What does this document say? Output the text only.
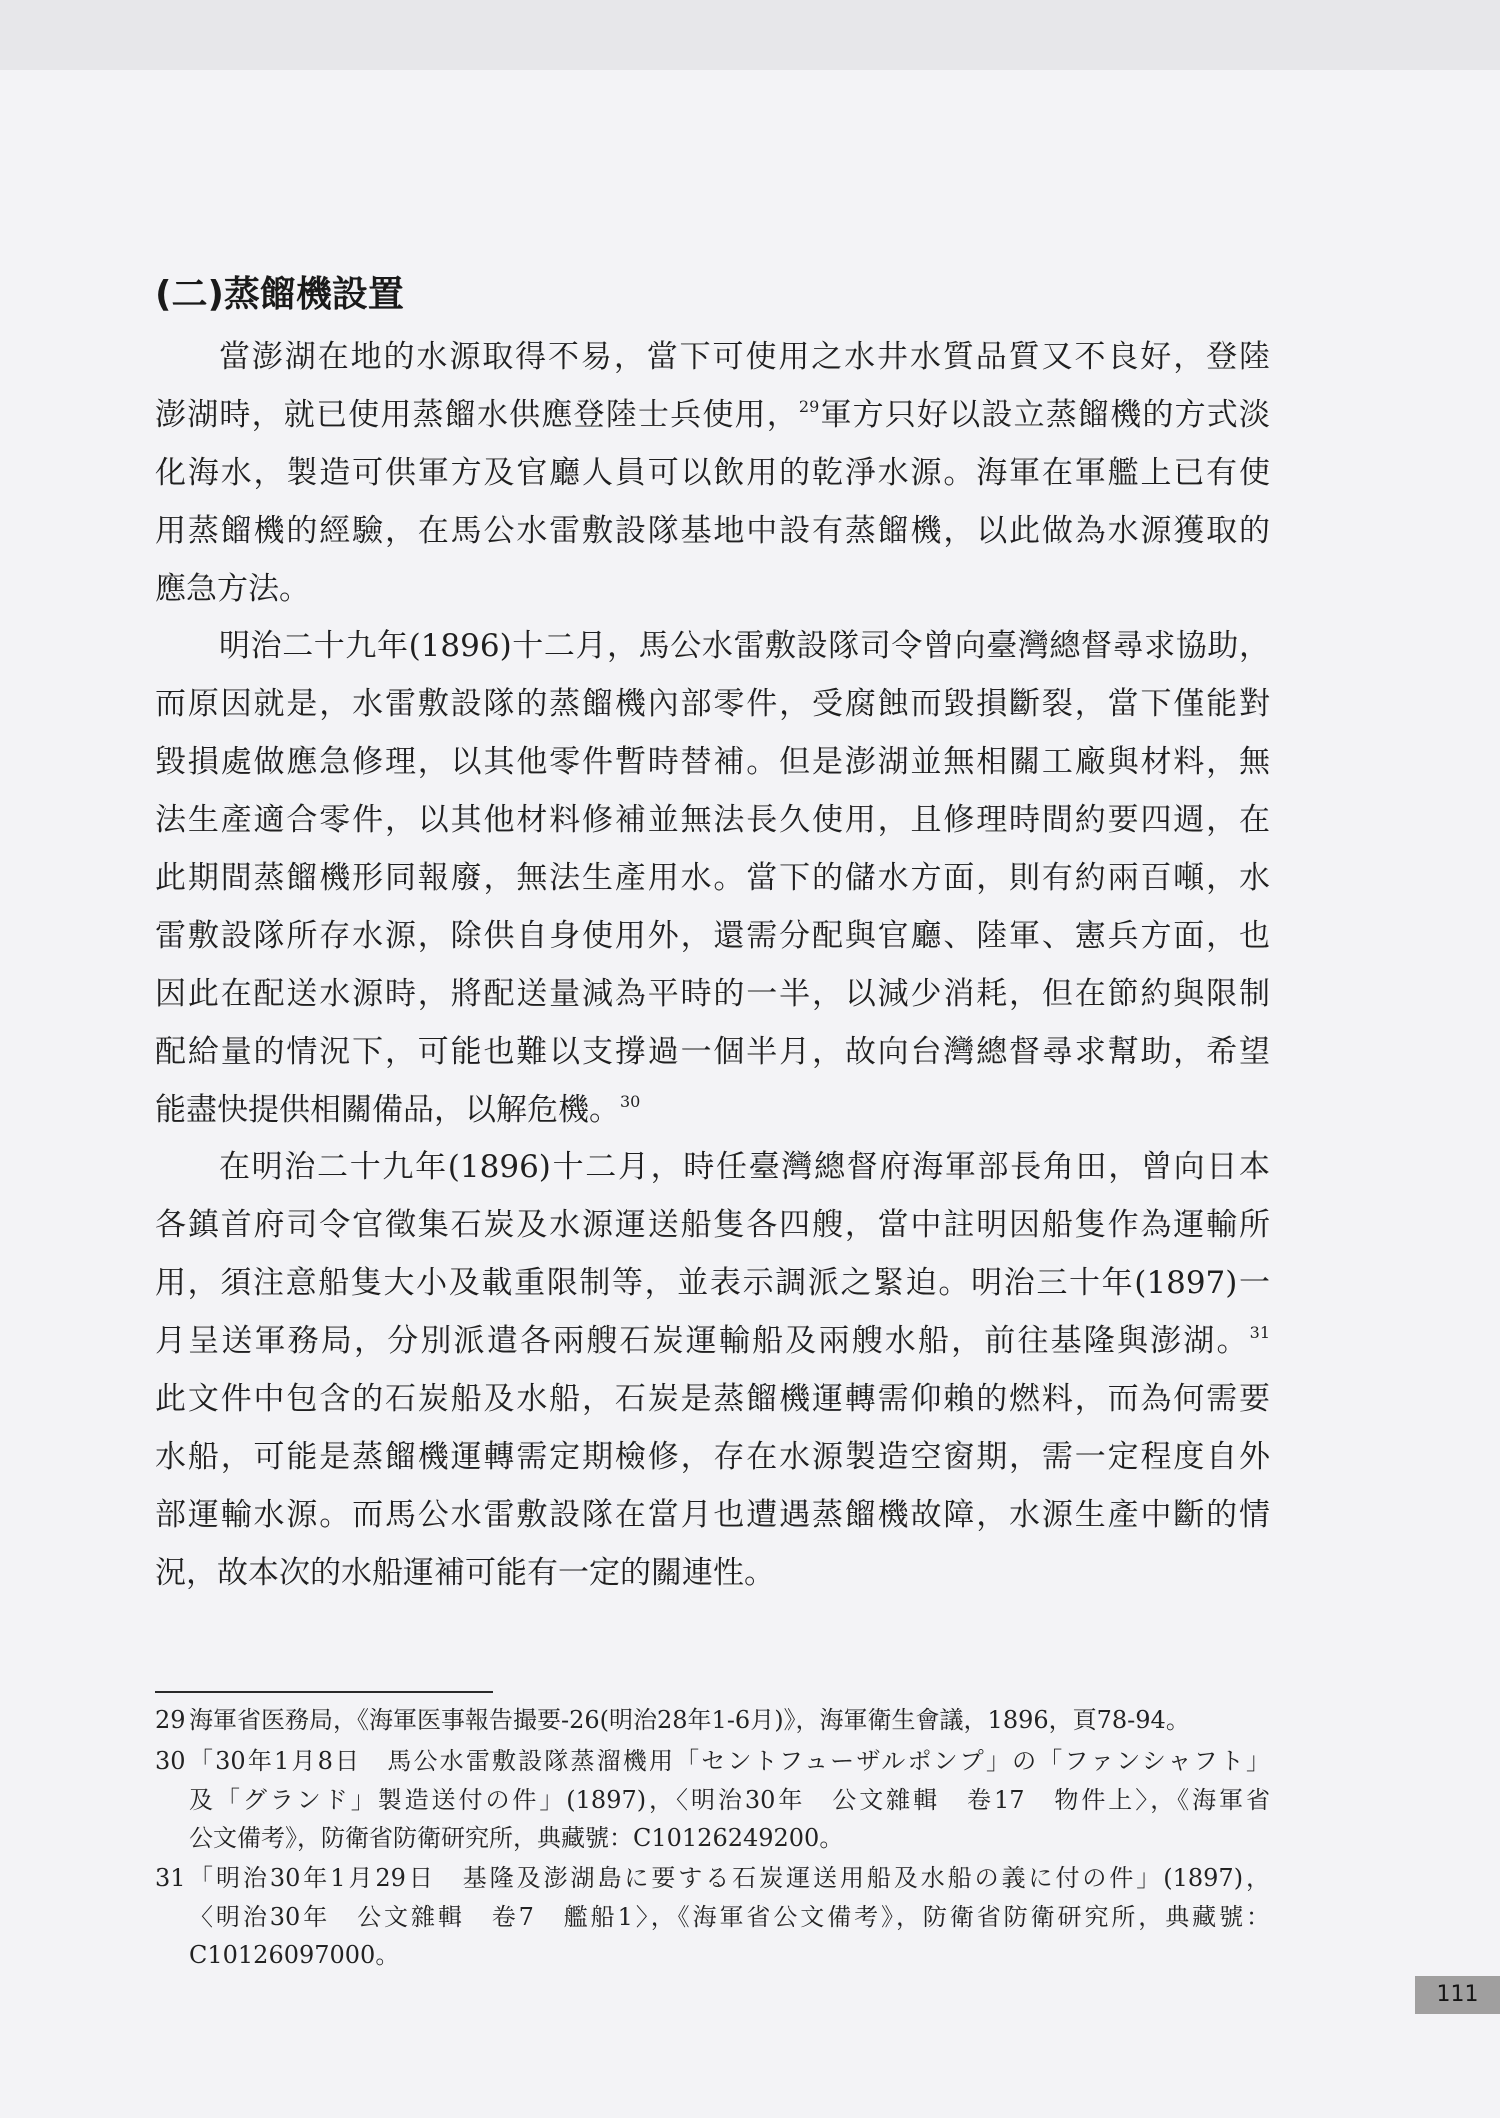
(二)蒸餾機設置
當澎湖在地的水源取得不易，當下可使用之水井水質品質又不良好，登陸
澎湖時，就已使用蒸餾水供應登陸士兵使用，$^{29}$軍方只好以設立蒸餾機的方式淡
化海水，製造可供軍方及官廳人員可以飲用的乾淨水源。海軍在軍艦上已有使
用蒸餾機的經驗，在馬公水雷敷設隊基地中設有蒸餾機，以此做為水源獲取的
應急方法。
明治二十九年(1896)十二月，馬公水雷敷設隊司令曾向臺灣總督尋求協助，
而原因就是，水雷敷設隊的蒸餾機內部零件，受腐蝕而毀損斷裂，當下僅能對
毀損處做應急修理，以其他零件暫時替補。但是澎湖並無相關工廠與材料，無
法生產適合零件，以其他材料修補並無法長久使用，且修理時間約要四週，在
此期間蒸餾機形同報廢，無法生產用水。當下的儲水方面，則有約兩百噸，水
雷敷設隊所存水源，除供自身使用外，還需分配與官廳、陸軍、憲兵方面，也
因此在配送水源時，將配送量減為平時的一半，以減少消耗，但在節約與限制
配給量的情況下，可能也難以支撐過一個半月，故向台灣總督尋求幫助，希望
能盡快提供相關備品，以解危機。$^{30}$
在明治二十九年(1896)十二月，時任臺灣總督府海軍部長角田，曾向日本
各鎮首府司令官徵集石炭及水源運送船隻各四艘，當中註明因船隻作為運輸所
用，須注意船隻大小及載重限制等，並表示調派之緊迫。明治三十年(1897)一
月呈送軍務局，分別派遣各兩艘石炭運輸船及兩艘水船，前往基隆與澎湖。$^{31}$
此文件中包含的石炭船及水船，石炭是蒸餾機運轉需仰賴的燃料，而為何需要
水船，可能是蒸餾機運轉需定期檢修，存在水源製造空窗期，需一定程度自外
部運輸水源。而馬公水雷敷設隊在當月也遭遇蒸餾機故障，水源生產中斷的情
況，故本次的水船運補可能有一定的關連性。
29 海軍省医務局，《海軍医事報告撮要-26(明治28年1-6月)》，海軍衛生會議，1896，頁78-94。
30 「30年1月8日　馬公水雷敷設隊蒸溜機用「セントフューザルポンプ」の「ファンシャフト」
及「グランド」製造送付の件」(1897)，〈明治30年　公文雜輯　卷17　物件上〉，《海軍省
公文備考》，防衛省防衛研究所，典藏號：C10126249200。
31 「明治30年1月29日　基隆及澎湖島に要する石炭運送用船及水船の義に付の件」(1897)，
〈明治30年　公文雜輯　卷7　艦船1〉，《海軍省公文備考》，防衛省防衛研究所，典藏號：
C10126097000。
111
